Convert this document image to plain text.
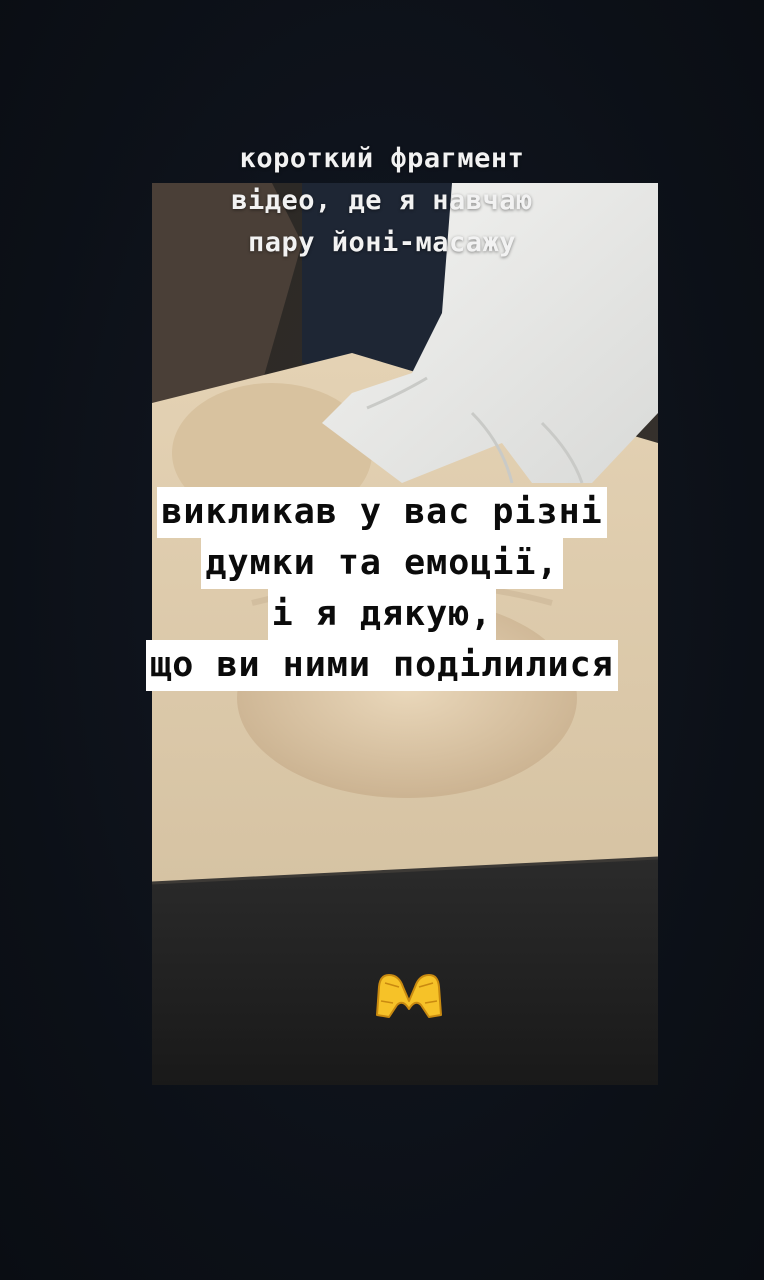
короткий фрагмент
відео, де я навчаю
пару йоні-масажу
викликав у вас різні
думки та емоції,
і я дякую,
що ви ними поділилися
